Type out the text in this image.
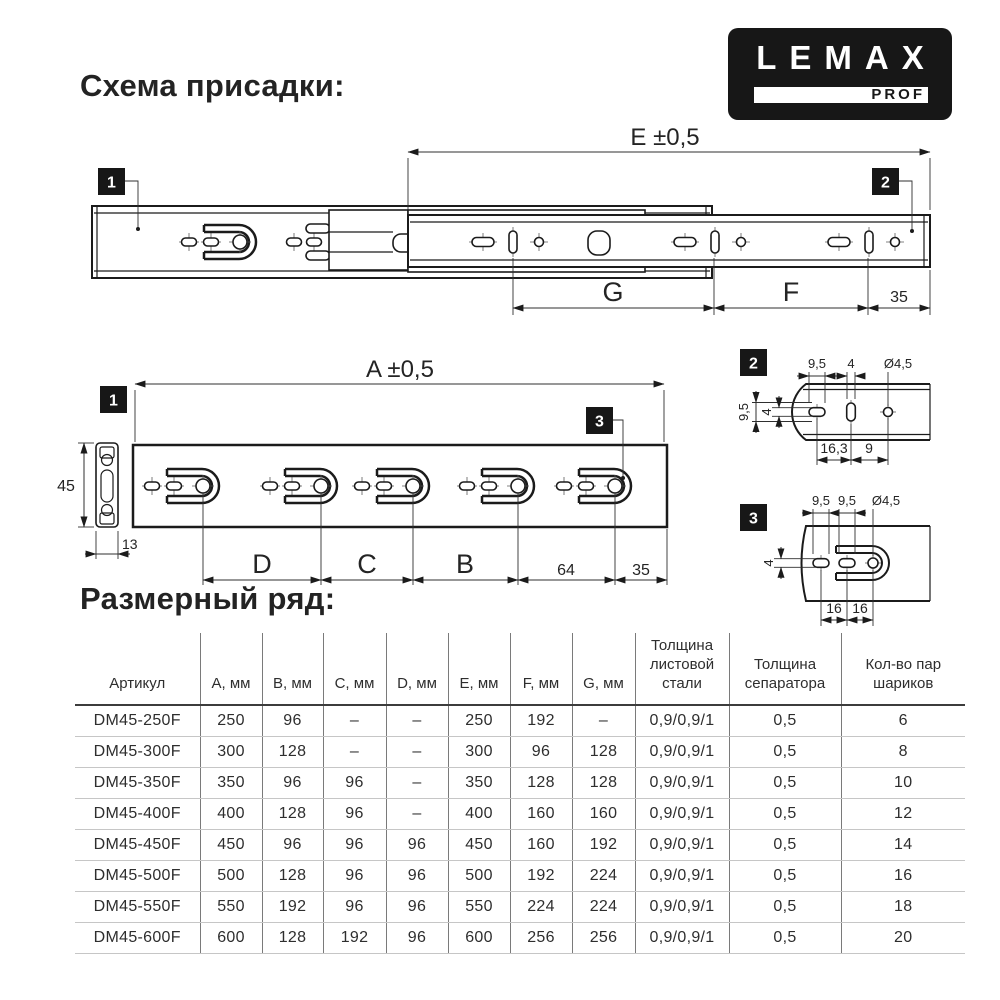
Схема присадки:
LEMAX
PROF
Размерный ряд:
E ±0,5
G	F	35
1	2
A ±0,5
1
45
13
3
D	C	B	64	35
2	9,5 4 Ø4,5
9,5 4
16,3 9
3
9,5 9,5 Ø4,5
4
16 16
Артикул	A, мм	B, мм	C, мм	D, мм	E, мм	F, мм	G, мм	Толщина листовой стали	Толщина сепаратора	Кол-во пар шариков
DM45-250F	250	96	–	–	250	192	–	0,9/0,9/1	0,5	6
DM45-300F	300	128	–	–	300	96	128	0,9/0,9/1	0,5	8
DM45-350F	350	96	96	–	350	128	128	0,9/0,9/1	0,5	10
DM45-400F	400	128	96	–	400	160	160	0,9/0,9/1	0,5	12
DM45-450F	450	96	96	96	450	160	192	0,9/0,9/1	0,5	14
DM45-500F	500	128	96	96	500	192	224	0,9/0,9/1	0,5	16
DM45-550F	550	192	96	96	550	224	224	0,9/0,9/1	0,5	18
DM45-600F	600	128	192	96	600	256	256	0,9/0,9/1	0,5	20
